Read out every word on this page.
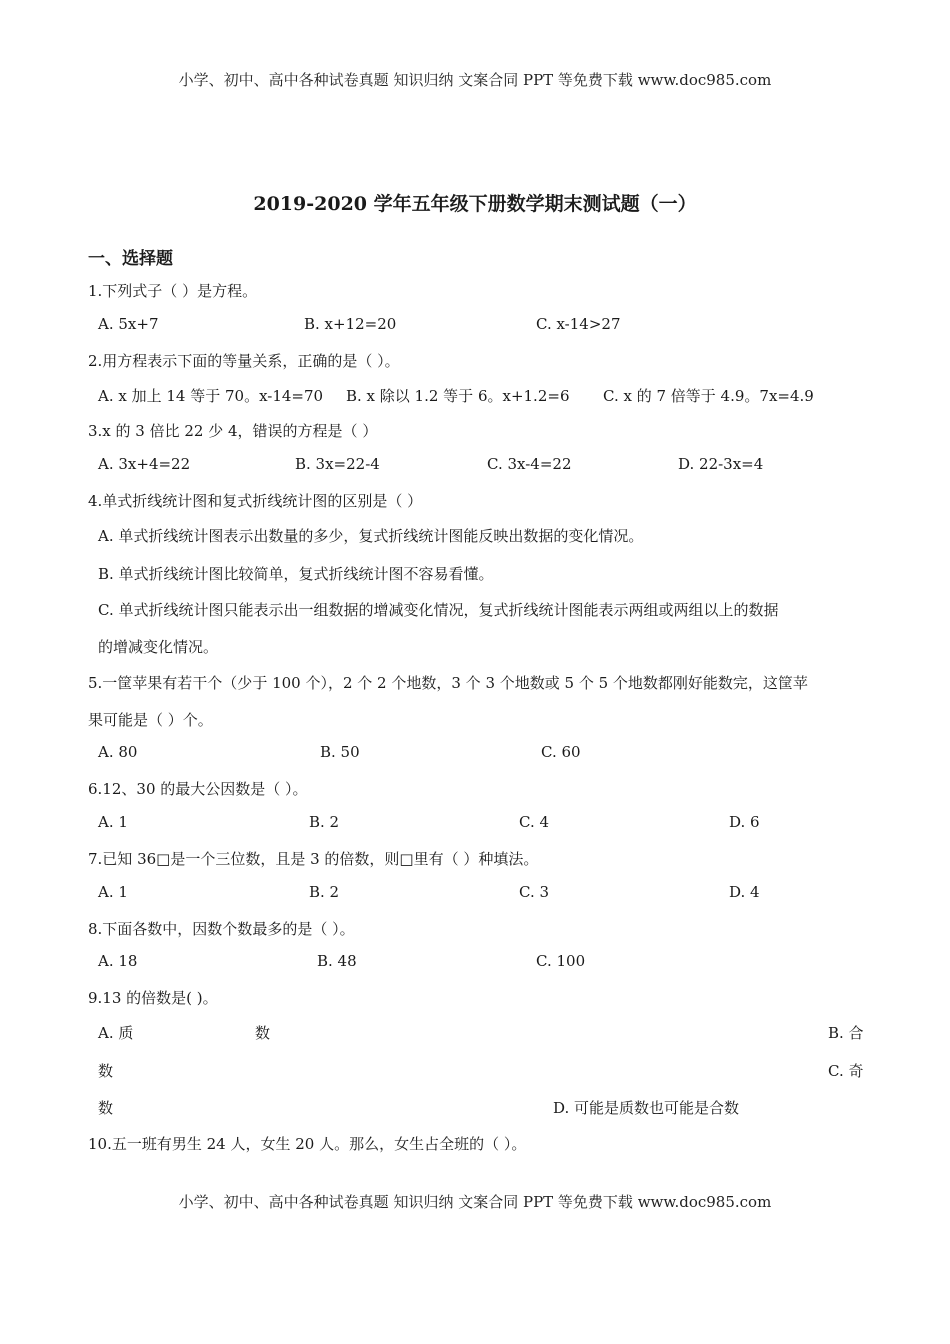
小学、初中、高中各种试卷真题 知识归纳 文案合同 PPT 等免费下载 www.doc985.com
2019-2020 学年五年级下册数学期末测试题（一）
一、选择题
1.下列式子（ ）是方程。
A. 5x+7	B. x+12=20	C. x-14>27
2.用方程表示下面的等量关系，正确的是（ ）。
A. x 加上 14 等于 70。x-14=70 B. x 除以 1.2 等于 6。x+1.2=6 C. x 的 7 倍等于 4.9。7x=4.9
3.x 的 3 倍比 22 少 4，错误的方程是（ ）
A. 3x+4=22	B. 3x=22-4	C. 3x-4=22	D. 22-3x=4
4.单式折线统计图和复式折线统计图的区别是（ ）
A. 单式折线统计图表示出数量的多少，复式折线统计图能反映出数据的变化情况。
B. 单式折线统计图比较简单，复式折线统计图不容易看懂。
C. 单式折线统计图只能表示出一组数据的增减变化情况，复式折线统计图能表示两组或两组以上的数据
的增减变化情况。
5.一筐苹果有若干个（少于 100 个），2 个 2 个地数，3 个 3 个地数或 5 个 5 个地数都刚好能数完，这筐苹
果可能是（ ）个。
A. 80	B. 50	C. 60
6.12、30 的最大公因数是（ ）。
A. 1	B. 2	C. 4	D. 6
7.已知 36□是一个三位数，且是 3 的倍数，则□里有（ ）种填法。
A. 1	B. 2	C. 3	D. 4
8.下面各数中，因数个数最多的是（ ）。
A. 18	B. 48	C. 100
9.13 的倍数是( )。
A. 质	数	B. 合
数	C. 奇
数	D. 可能是质数也可能是合数
10.五一班有男生 24 人，女生 20 人。那么，女生占全班的（ ）。
小学、初中、高中各种试卷真题 知识归纳 文案合同 PPT 等免费下载 www.doc985.com
